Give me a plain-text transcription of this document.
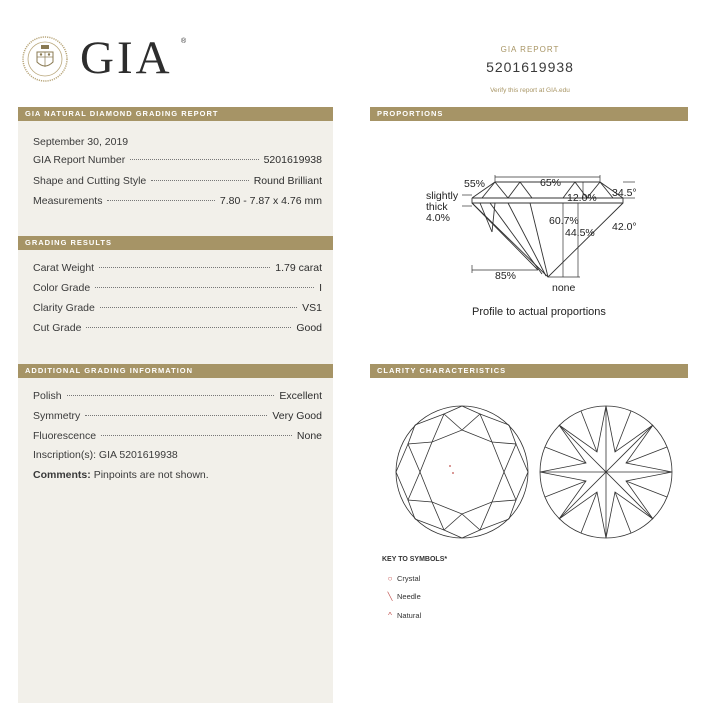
GIA ®
GIA REPORT
5201619938
Verify this report at GIA.edu
GIA NATURAL DIAMOND GRADING REPORT
September 30, 2019
GIA Report Number	5201619938
Shape and Cutting Style	Round Brilliant
Measurements	7.80 - 7.87 x 4.76 mm
GRADING RESULTS
Carat Weight	1.79 carat
Color Grade	I
Clarity Grade	VS1
Cut Grade	Good
ADDITIONAL GRADING INFORMATION
Polish	Excellent
Symmetry	Very Good
Fluorescence	None
Inscription(s): GIA 5201619938
Comments: Pinpoints are not shown.
PROPORTIONS
55%	65%
34.5°
12.0%
slightly
thick
4.0%	60.7%
44.5% 42.0°
85%
none
Profile to actual proportions
CLARITY CHARACTERISTICS
KEY TO SYMBOLS*
○ Crystal
╲ Needle
^ Natural
